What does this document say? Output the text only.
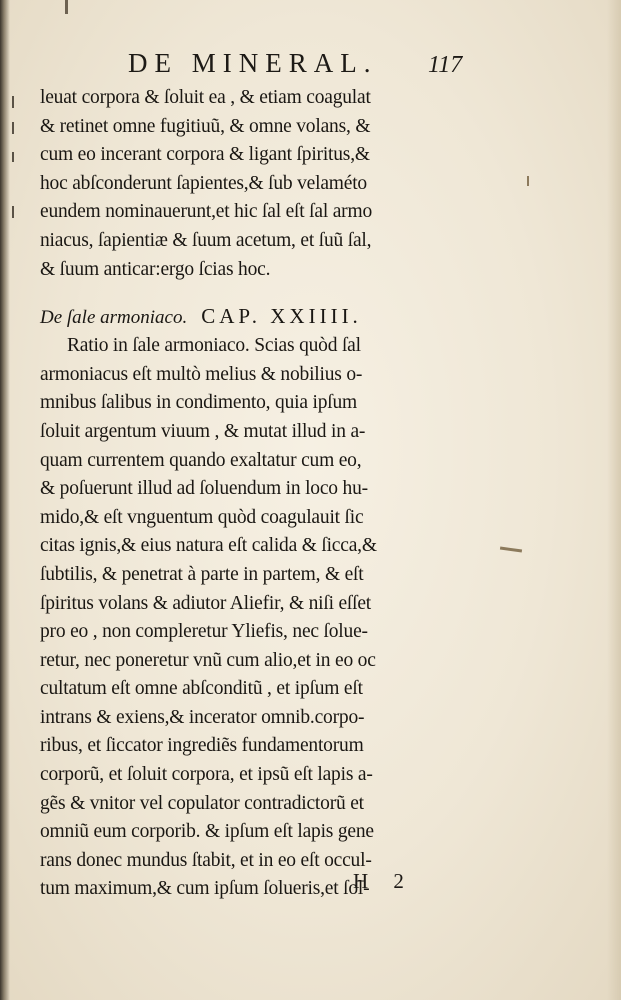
DE MINERAL.	117
leuat corpora & ſoluit ea , & etiam coagulat
& retinet omne fugitiuũ, & omne volans, &
cum eo incerant corpora & ligant ſpiritus,&
hoc abſconderunt ſapientes,& ſub velaméto
eundem nominauerunt,et hic ſal eſt ſal armo
niacus, ſapientiæ & ſuum acetum, et ſuũ ſal,
& ſuum anticar:ergo ſcias hoc.
De ſale armoniaco. CAP. XXIIII.
Ratio in ſale armoniaco. Scias quòd ſal
armoniacus eſt multò melius & nobilius o-
mnibus ſalibus in condimento, quia ipſum
ſoluit argentum viuum , & mutat illud in a-
quam currentem quando exaltatur cum eo,
& poſuerunt illud ad ſoluendum in loco hu-
mido,& eſt vnguentum quòd coagulauit ſic
citas ignis,& eius natura eſt calida & ſicca,&
ſubtilis, & penetrat à parte in partem, & eſt
ſpiritus volans & adiutor Aliefir, & niſi eſſet
pro eo , non compleretur Yliefis, nec ſolue-
retur, nec poneretur vnũ cum alio,et in eo oc
cultatum eſt omne abſconditũ , et ipſum eſt
intrans & exiens,& incerator omnib.corpo-
ribus, et ſiccator ingrediẽs fundamentorum
corporũ, et ſoluit corpora, et ipsũ eſt lapis a-
gẽs & vnitor vel copulator contradictorũ et
omniũ eum corporib. & ipſum eſt lapis gene
rans donec mundus ſtabit, et in eo eſt occul-
tum maximum,& cum ipſum ſolueris,et ſol-
H 2
